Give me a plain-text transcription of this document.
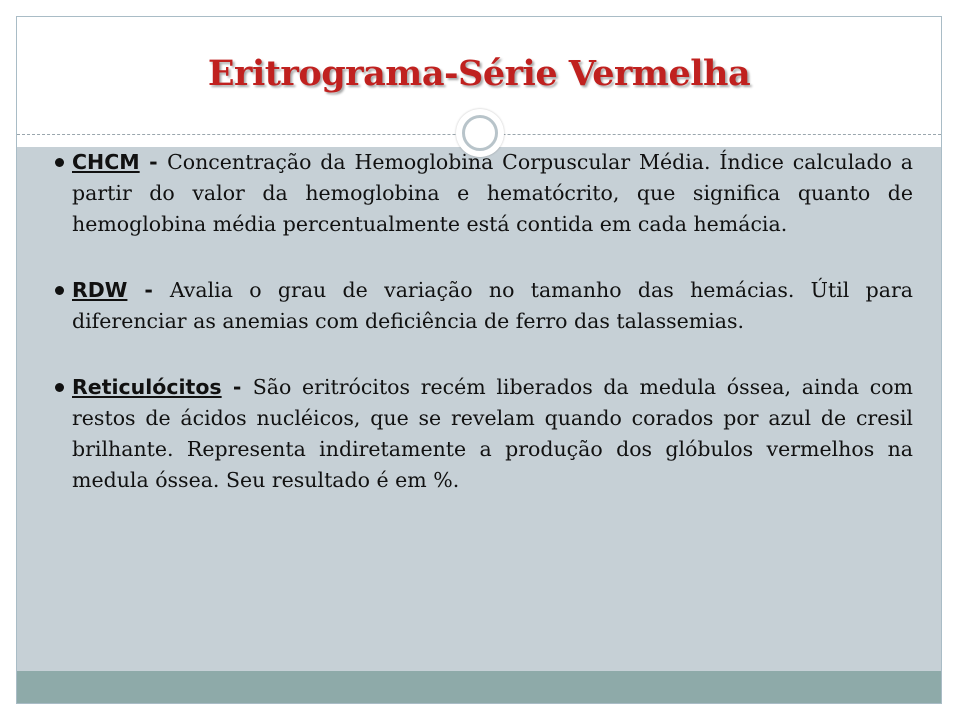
Eritrograma-Série Vermelha
CHCM - Concentração da Hemoglobina Corpuscular Média. Índice calculado a partir do valor da hemoglobina e hematócrito, que significa quanto de hemoglobina média percentualmente está contida em cada hemácia.
RDW - Avalia o grau de variação no tamanho das hemácias. Útil para diferenciar as anemias com deficiência de ferro das talassemias.
Reticulócitos - São eritrócitos recém liberados da medula óssea, ainda com restos de ácidos nucléicos, que se revelam quando corados por azul de cresil brilhante. Representa indiretamente a produção dos glóbulos vermelhos na medula óssea. Seu resultado é em %.
